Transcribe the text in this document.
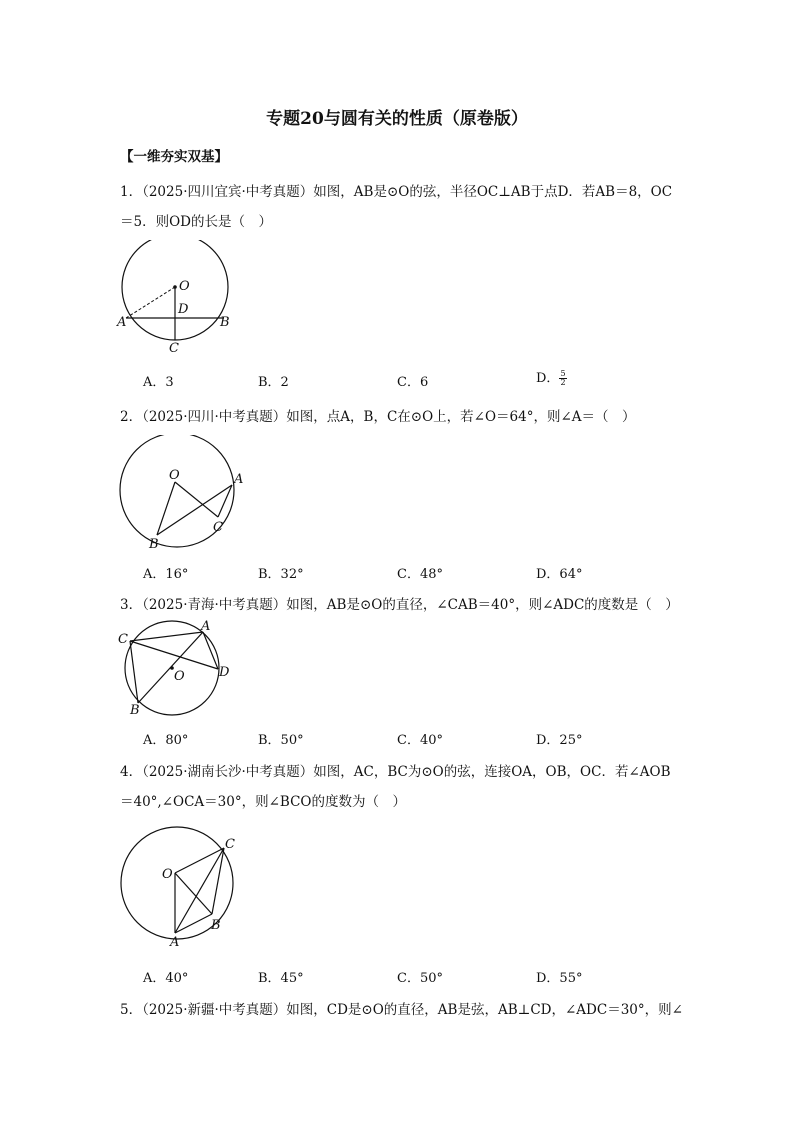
专题20与圆有关的性质（原卷版）
【一维夯实双基】
1．（2025·四川宜宾·中考真题）如图，AB是⊙O的弦，半径OC⊥AB于点D．若AB＝8，OC
＝5．则OD的长是（　）
O
A	B
C
D
A．3	B．2	C．6	D． $\frac{5}{2}$
2．（2025·四川·中考真题）如图，点A，B，C在⊙O上，若∠O＝64°，则∠A＝（　）
O	A
B
C
A．16°	B．32°	C．48°	D．64°
3．（2025·青海·中考真题）如图，AB是⊙O的直径，∠CAB＝40°，则∠ADC的度数是（　）
O
A
B
C
D
A．80°	B．50°	C．40°	D．25°
4．（2025·湖南长沙·中考真题）如图，AC，BC为⊙O的弦，连接OA，OB，OC．若∠AOB
＝40°,∠OCA＝30°，则∠BCO的度数为（　）
O
A
B
C
A．40°	B．45°	C．50°	D．55°
5．（2025·新疆·中考真题）如图，CD是⊙O的直径，AB是弦，AB⊥CD，∠ADC＝30°，则∠
